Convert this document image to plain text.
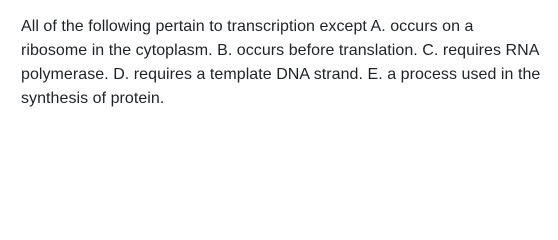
All of the following pertain to transcription except A. occurs on a ribosome in the cytoplasm. B. occurs before translation. C. requires RNA polymerase. D. requires a template DNA strand. E. a process used in the synthesis of protein.
